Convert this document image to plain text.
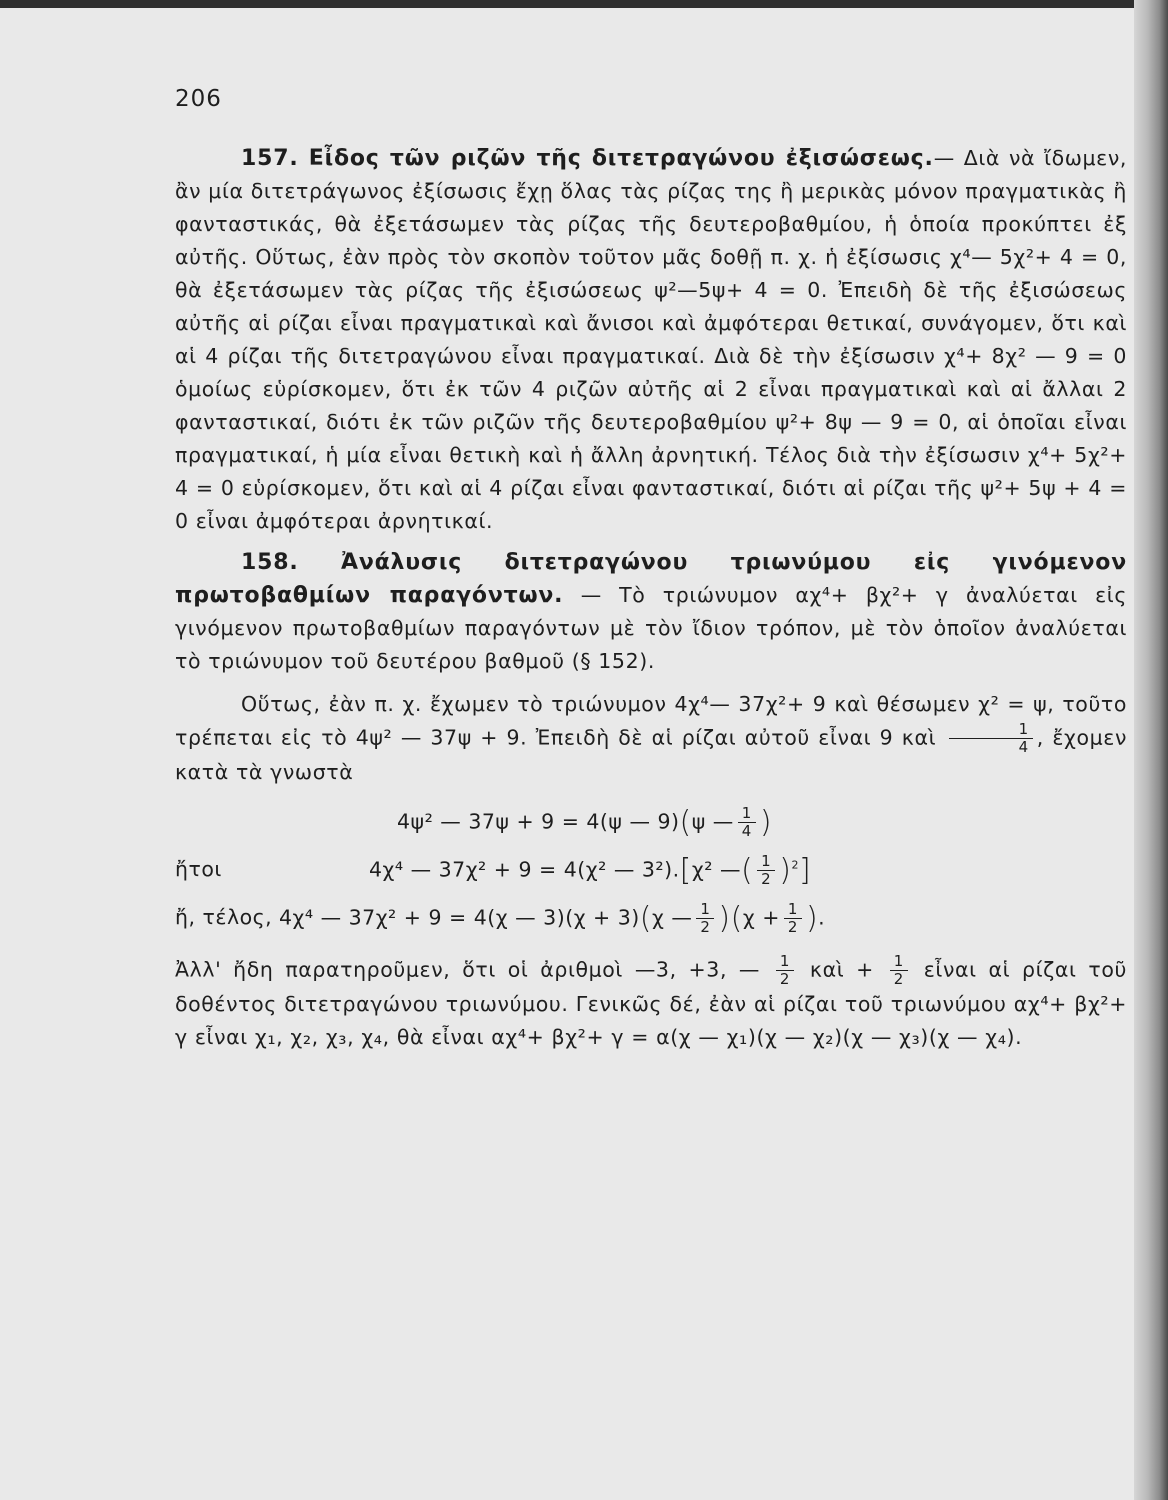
206

157. Εἶδος τῶν ριζῶν τῆς διτετραγώνου ἐξισώσεως.— Διὰ νὰ ἴδωμεν, ἂν μία διτετράγωνος ἐξίσωσις ἔχῃ ὅλας τὰς ρίζας της ἢ μερικὰς μόνον πραγματικὰς ἢ φανταστικάς, θὰ ἐξετάσωμεν τὰς ρίζας τῆς δευτεροβαθμίου, ἡ ὁποία προκύπτει ἐξ αὐτῆς. Οὕτως, ἐὰν πρὸς τὸν σκοπὸν τοῦτον μᾶς δοθῇ π. χ. ἡ ἐξίσωσις χ⁴— 5χ²+ 4 = 0, θὰ ἐξετάσωμεν τὰς ρίζας τῆς ἐξισώσεως ψ²—5ψ+ 4 = 0. Ἐπειδὴ δὲ τῆς ἐξισώσεως αὐτῆς αἱ ρίζαι εἶναι πραγματικαὶ καὶ ἄνισοι καὶ ἀμφότεραι θετικαί, συνάγομεν, ὅτι καὶ αἱ 4 ρίζαι τῆς διτετραγώνου εἶναι πραγματικαί. Διὰ δὲ τὴν ἐξίσωσιν χ⁴+ 8χ² — 9 = 0 ὁμοίως εὑρίσκομεν, ὅτι ἐκ τῶν 4 ριζῶν αὐτῆς αἱ 2 εἶναι πραγματικαὶ καὶ αἱ ἄλλαι 2 φανταστικαί, διότι ἐκ τῶν ριζῶν τῆς δευτεροβαθμίου ψ²+ 8ψ — 9 = 0, αἱ ὁποῖαι εἶναι πραγματικαί, ἡ μία εἶναι θετικὴ καὶ ἡ ἄλλη ἀρνητική. Τέλος διὰ τὴν ἐξίσωσιν χ⁴+ 5χ²+ 4 = 0 εὑρίσκομεν, ὅτι καὶ αἱ 4 ρίζαι εἶναι φανταστικαί, διότι αἱ ρίζαι τῆς ψ²+ 5ψ + 4 = 0 εἶναι ἀμφότεραι ἀρνητικαί.

158. Ἀνάλυσις διτετραγώνου τριωνύμου εἰς γινόμενον πρωτοβαθμίων παραγόντων. — Τὸ τριώνυμον αχ⁴+ βχ²+ γ ἀναλύεται εἰς γινόμενον πρωτοβαθμίων παραγόντων μὲ τὸν ἴδιον τρόπον, μὲ τὸν ὁποῖον ἀναλύεται τὸ τριώνυμον τοῦ δευτέρου βαθμοῦ (§ 152).

Οὕτως, ἐὰν π. χ. ἔχωμεν τὸ τριώνυμον 4χ⁴— 37χ²+ 9 καὶ θέσωμεν χ² = ψ, τοῦτο τρέπεται εἰς τὸ 4ψ² — 37ψ + 9. Ἐπειδὴ δὲ αἱ ρίζαι αὐτοῦ εἶναι 9 καὶ $\frac{1}{4}$ , ἔχομεν κατὰ τὰ γνωστὰ

4ψ² — 37ψ + 9 = 4(ψ — 9)(ψ — $\frac{1}{4}$ )
ἤτοι	4χ⁴ — 37χ² + 9 = 4(χ² — 3²).[χ² —( $\frac{1}{2} )^2$]
ἤ, τέλος, 4χ⁴ — 37χ² + 9 = 4(χ — 3)(χ + 3)(χ — $\frac{1}{2} )(\chi + \frac{1}{2}$ ).

Ἀλλ' ἤδη παρατηροῦμεν, ὅτι οἱ ἀριθμοὶ —3, +3, — $\frac{1}{2}$ καὶ + $\frac{1}{2}$ εἶναι αἱ ρίζαι τοῦ δοθέντος διτετραγώνου τριωνύμου. Γενικῶς δέ, ἐὰν αἱ ρίζαι τοῦ τριωνύμου αχ⁴+ βχ²+ γ εἶναι χ₁, χ₂, χ₃, χ₄, θὰ εἶναι αχ⁴+ βχ²+ γ = α(χ — χ₁)(χ — χ₂)(χ — χ₃)(χ — χ₄).
